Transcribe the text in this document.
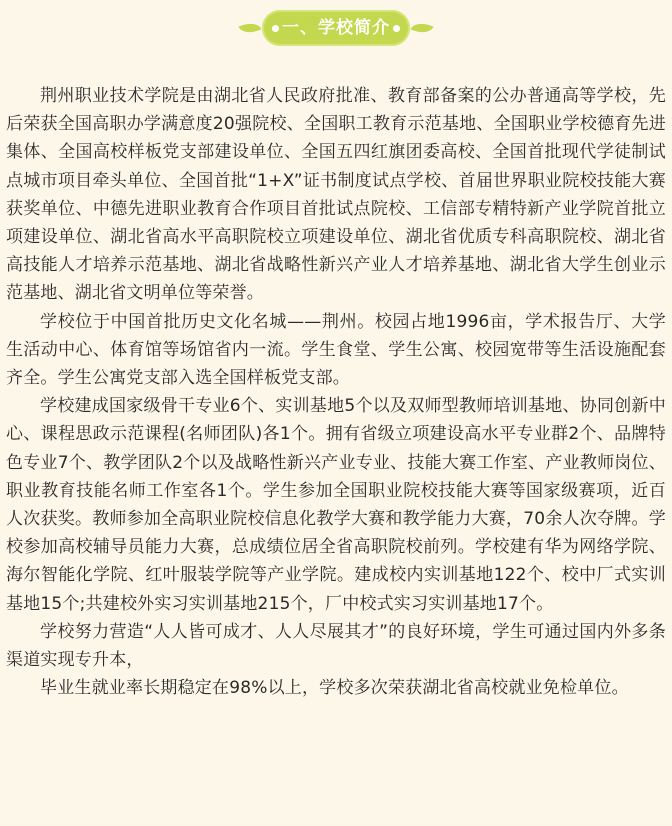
一、学校简介

荆州职业技术学院是由湖北省人民政府批准、教育部备案的公办普通高等学校，先后荣获全国高职办学满意度20强院校、全国职工教育示范基地、全国职业学校德育先进集体、全国高校样板党支部建设单位、全国五四红旗团委高校、全国首批现代学徒制试点城市项目牵头单位、全国首批“1+X”证书制度试点学校、首届世界职业院校技能大赛获奖单位、中德先进职业教育合作项目首批试点院校、工信部专精特新产业学院首批立项建设单位、湖北省高水平高职院校立项建设单位、湖北省优质专科高职院校、湖北省高技能人才培养示范基地、湖北省战略性新兴产业人才培养基地、湖北省大学生创业示范基地、湖北省文明单位等荣誉。

学校位于中国首批历史文化名城——荆州。校园占地1996亩，学术报告厅、大学生活动中心、体育馆等场馆省内一流。学生食堂、学生公寓、校园宽带等生活设施配套齐全。学生公寓党支部入选全国样板党支部。

学校建成国家级骨干专业6个、实训基地5个以及双师型教师培训基地、协同创新中心、课程思政示范课程(名师团队)各1个。拥有省级立项建设高水平专业群2个、品牌特色专业7个、教学团队2个以及战略性新兴产业专业、技能大赛工作室、产业教师岗位、职业教育技能名师工作室各1个。学生参加全国职业院校技能大赛等国家级赛项，近百人次获奖。教师参加全高职业院校信息化教学大赛和教学能力大赛，70余人次夺牌。学校参加高校辅导员能力大赛，总成绩位居全省高职院校前列。学校建有华为网络学院、海尔智能化学院、红叶服装学院等产业学院。建成校内实训基地122个、校中厂式实训基地15个;共建校外实习实训基地215个，厂中校式实习实训基地17个。

学校努力营造“人人皆可成才、人人尽展其才”的良好环境，学生可通过国内外多条渠道实现专升本，

毕业生就业率长期稳定在98%以上，学校多次荣获湖北省高校就业免检单位。
